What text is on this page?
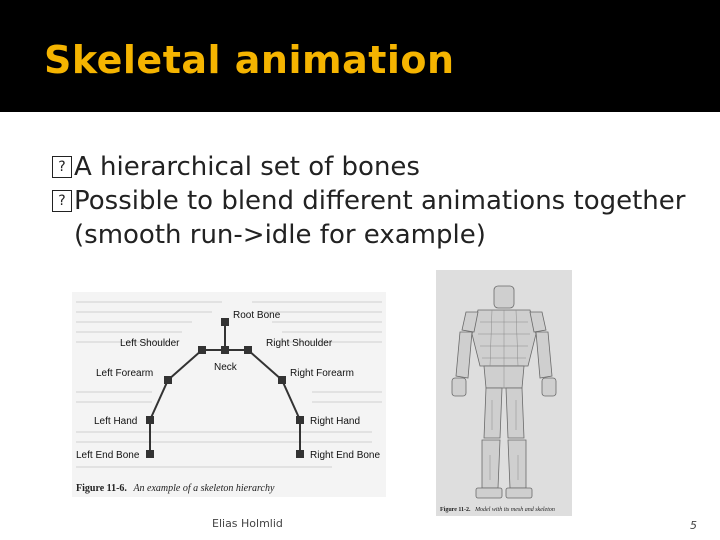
Skeletal animation
? A hierarchical set of bones
? Possible to blend different animations together (smooth run->idle for example)
Root Bone
Left Shoulder	Right Shoulder
Neck
Left Forearm	Right Forearm
Left Hand	Right Hand
Left End Bone	Right End Bone
Figure 11-6. An example of a skeleton hierarchy
Figure 11-2. Model with its mesh and skeleton
Elias Holmlid	5
